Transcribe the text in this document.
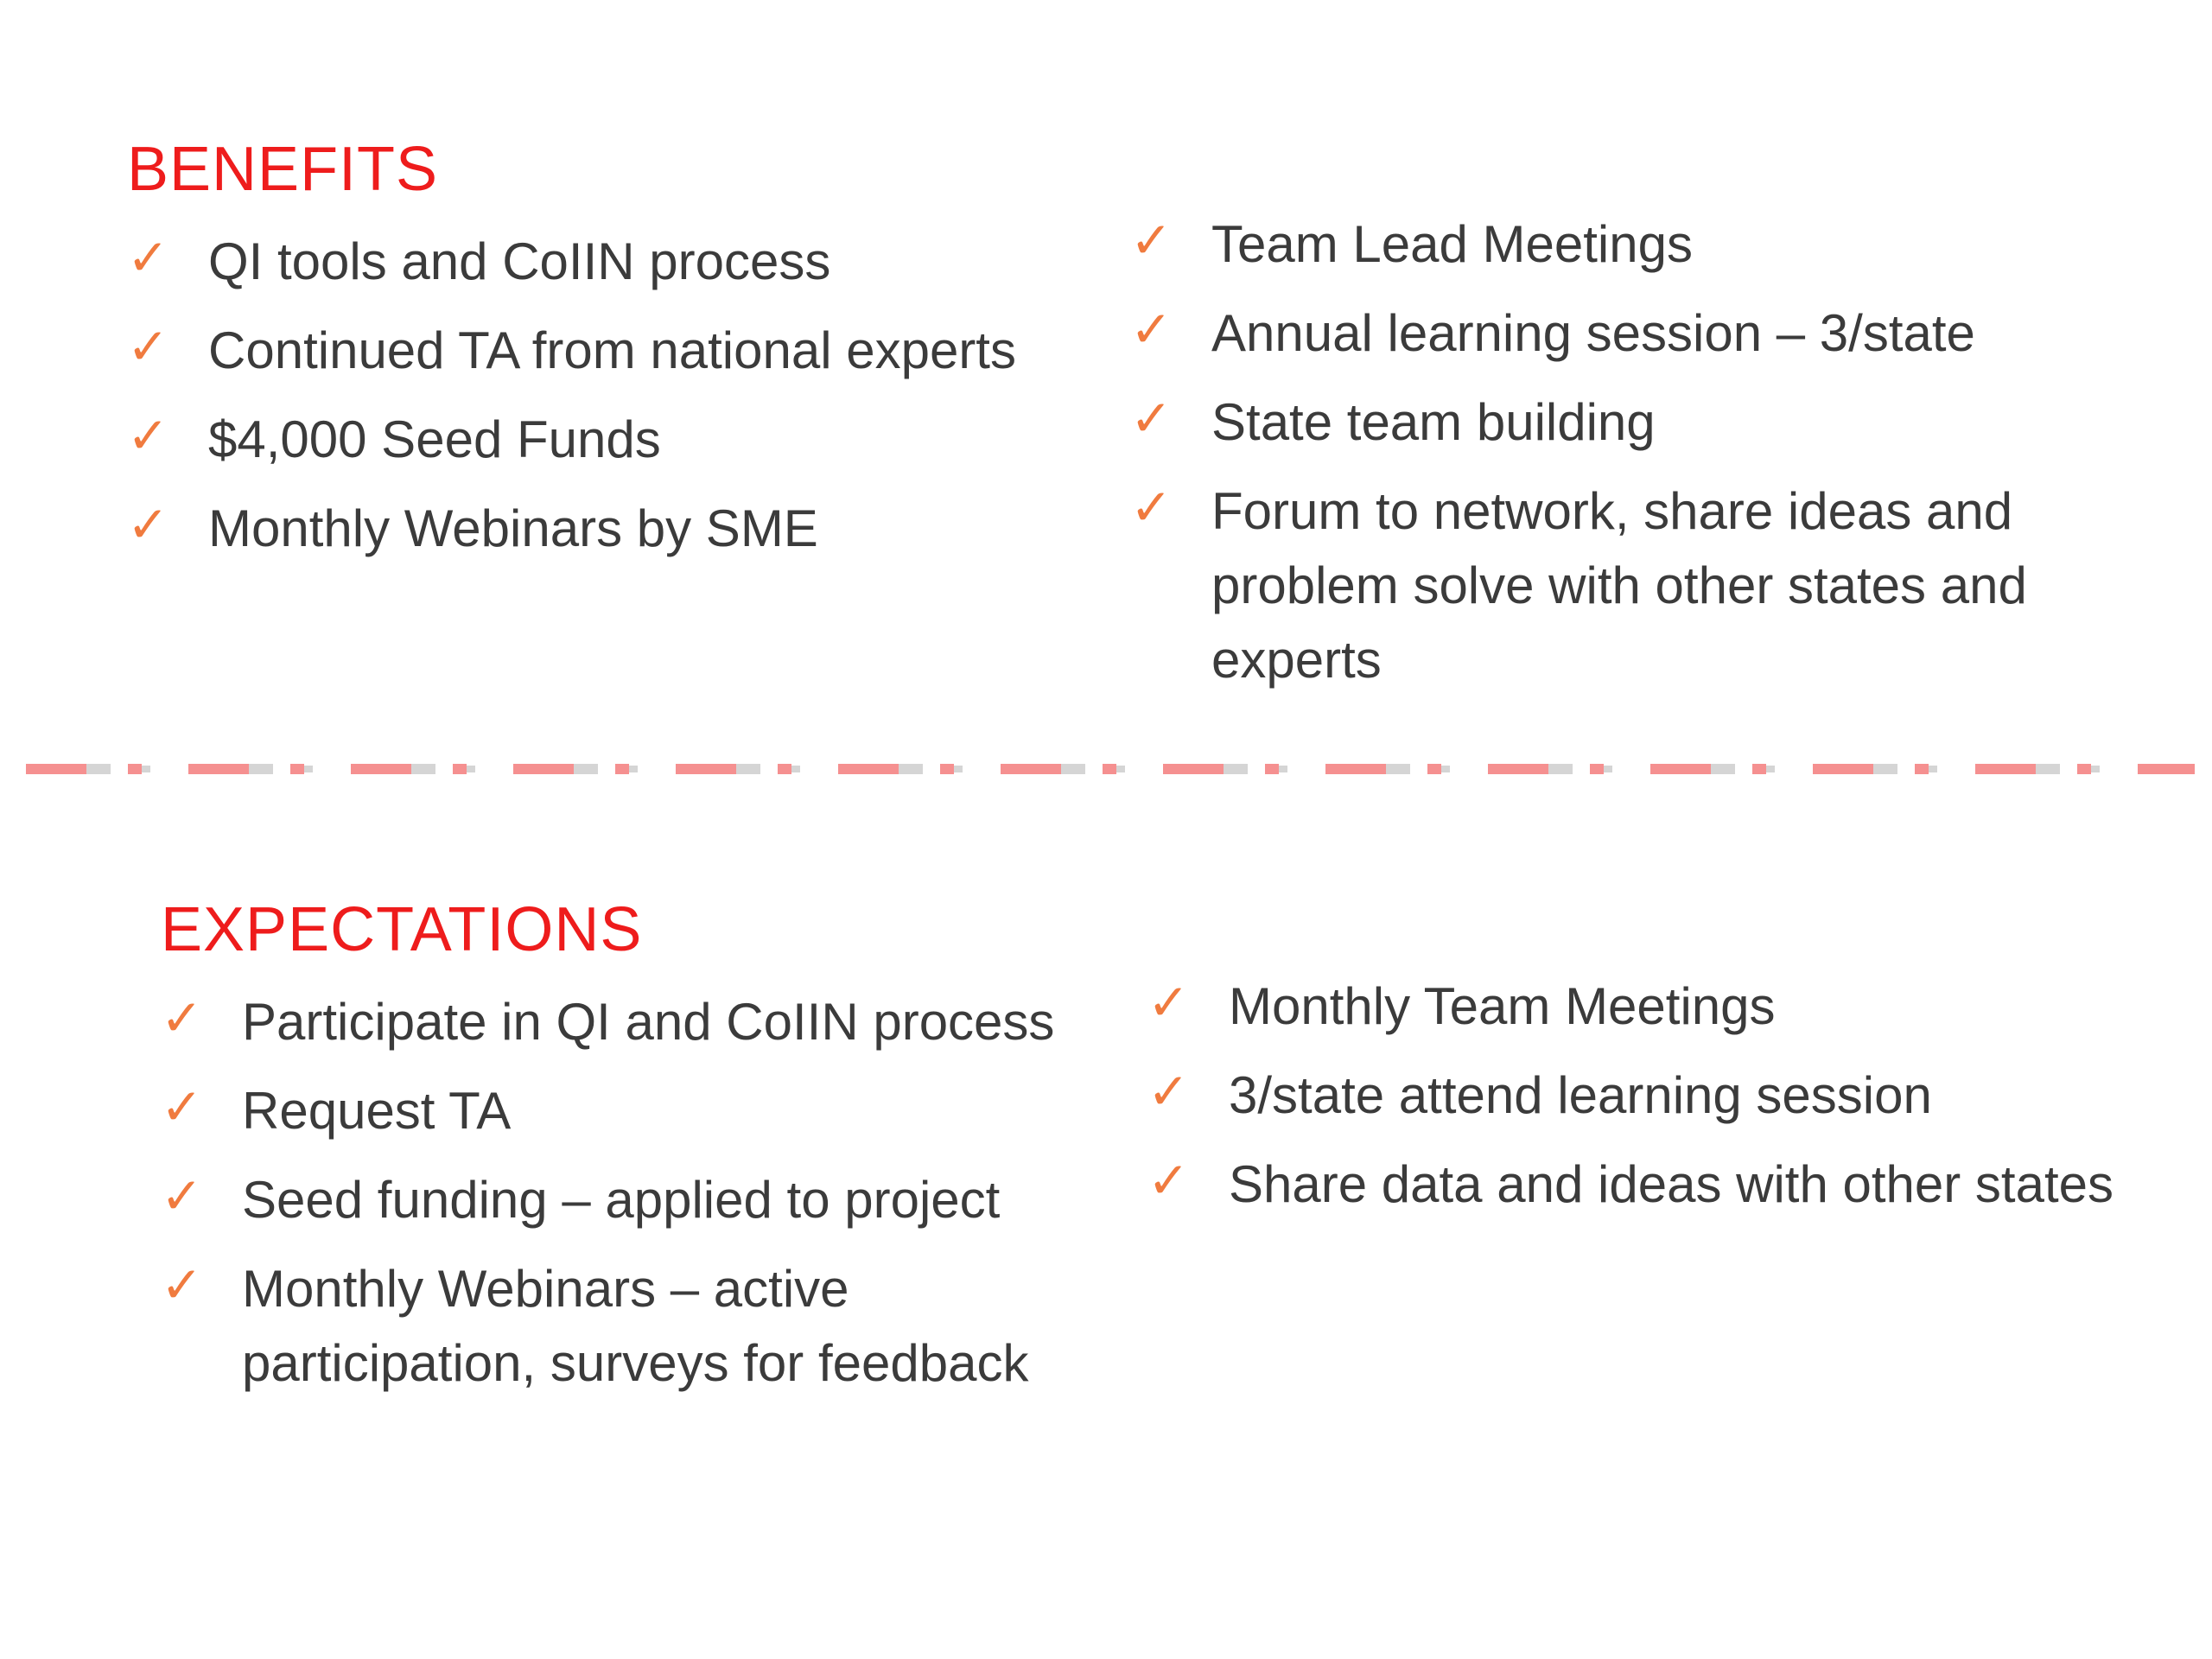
BENEFITS
✓ QI tools and CoIIN process
✓ Continued TA from national experts
✓ $4,000 Seed Funds
✓ Monthly Webinars by SME
✓ Team Lead Meetings
✓ Annual learning session – 3/state
✓ State team building
✓ Forum to network, share ideas and problem solve with other states and experts
EXPECTATIONS
✓ Participate in QI and CoIIN process
✓ Request TA
✓ Seed funding – applied to project
✓ Monthly Webinars – active participation, surveys for feedback
✓ Monthly Team Meetings
✓ 3/state attend learning session
✓ Share data and ideas with other states
